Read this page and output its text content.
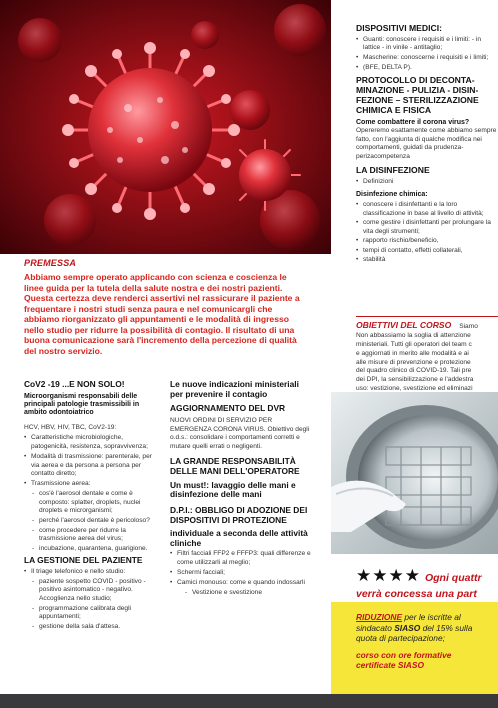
PREMESSA
Abbiamo sempre operato applicando con scienza e coscienza le linee guida per la tutela della salute nostra e dei nostri pazienti. Questa certezza deve renderci assertivi nel rassicurare il paziente a frequentare i nostri studi senza paura e nel comunicargli che abbiamo riorganizzato gli appuntamenti e le modalità di ingresso nello studio per ridurre la possibilità di contagio. Il risultato di una buona comunicazione sarà l'incremento della percezione di qualità del nostro servizio.
CoV2 -19 ...E NON SOLO!
Microorganismi responsabili delle principali patologie trasmissibili in ambito odontoiatrico
HCV, HBV, HIV, TBC, CoV2-19:
• Caratteristiche microbiologiche, patogenicità, resistenza, sopravvivenza;
• Modalità di trasmissione: parenterale, per via aerea e da persona a persona per contatto diretto;
• Trasmissione aerea:
- cos'è l'aerosol dentale e come è composto: splatter, droplets, nuclei droplets e microrganismi;
- perché l'aerosol dentale è pericoloso?
- come procedere per ridurre la trasmissione aerea del virus;
- incubazione, quarantena, guarigione.
LA GESTIONE DEL PAZIENTE
• Il triage telefonico e nello studio:
- paziente sospetto COVID - positivo - positivo asintomatico - negativo. Accoglienza nello studio;
- programmazione calibrata degli appuntamenti;
- gestione della sala d'attesa.
Le nuove indicazioni ministeriali per prevenire il contagio
AGGIORNAMENTO DEL DVR
NUOVI ORDINI DI SERVIZIO PER EMERGENZA CORONA VIRUS. Obiettivo degli o.d.s.: consolidare i comportamenti corretti e mutare quelli errati o negligenti.
LA GRANDE RESPONSABILITÀ DELLE MANI DELL'OPERATORE
Un must!: lavaggio delle mani e disinfezione delle mani
D.P.I.: OBBLIGO DI ADOZIONE DEI DISPOSITIVI DI PROTEZIONE
individuale a seconda delle attività cliniche
• Filtri facciali FFP2 e FFFP3: quali differenze e come utilizzarli al meglio;
• Schermi facciali;
• Camici monouso: come e quando indossarli
- Vestizione e svestizione
DISPOSITIVI MEDICI:
• Guanti: conoscere i requisiti e i limiti: - in lattice - in vinile - antitaglio;
• Mascherine: conoscerne i requisiti e i limiti;
• (BFE, DELTA P).
PROTOCOLLO DI DECONTA-MINAZIONE - PULIZIA - DISIN-FEZIONE – STERILIZZAZIONE CHIMICA E FISICA
Come combattere il corona virus?
Opereremo esattamente come abbiamo sempre fatto, con l'aggiunta di qualche modifica nei comportamenti, guidati da prudenza-perizacompetenza
LA DISINFEZIONE
• Definizioni
Disinfezione chimica:
• conoscere i disinfettanti e la loro classificazione in base al livello di attività;
• come gestire i disinfettanti per prolungare la vita degli strumenti;
• rapporto rischio/beneficio,
• tempi di contatto, effetti collaterali,
• stabilità
OBIETTIVI DEL CORSO Siamo
Non abbassiamo la soglia di attenzione
ministeriali. Tutti gli operatori del team c
e aggiornati in merito alle modalità e ai
alle misure di prevenzione e protezione
del quadro clinico di COVID-19. Tali pre
dei DPI, la sensibilizzazione e l'addestra
uso: vestizione, svestizione ed eliminazi
★★★★ Ogni quattr
verrà concessa una part
RIDUZIONE per le iscritte al sindacato SIASO del 15% sulla quota di partecipazione;
corso con ore formative certificate SIASO
